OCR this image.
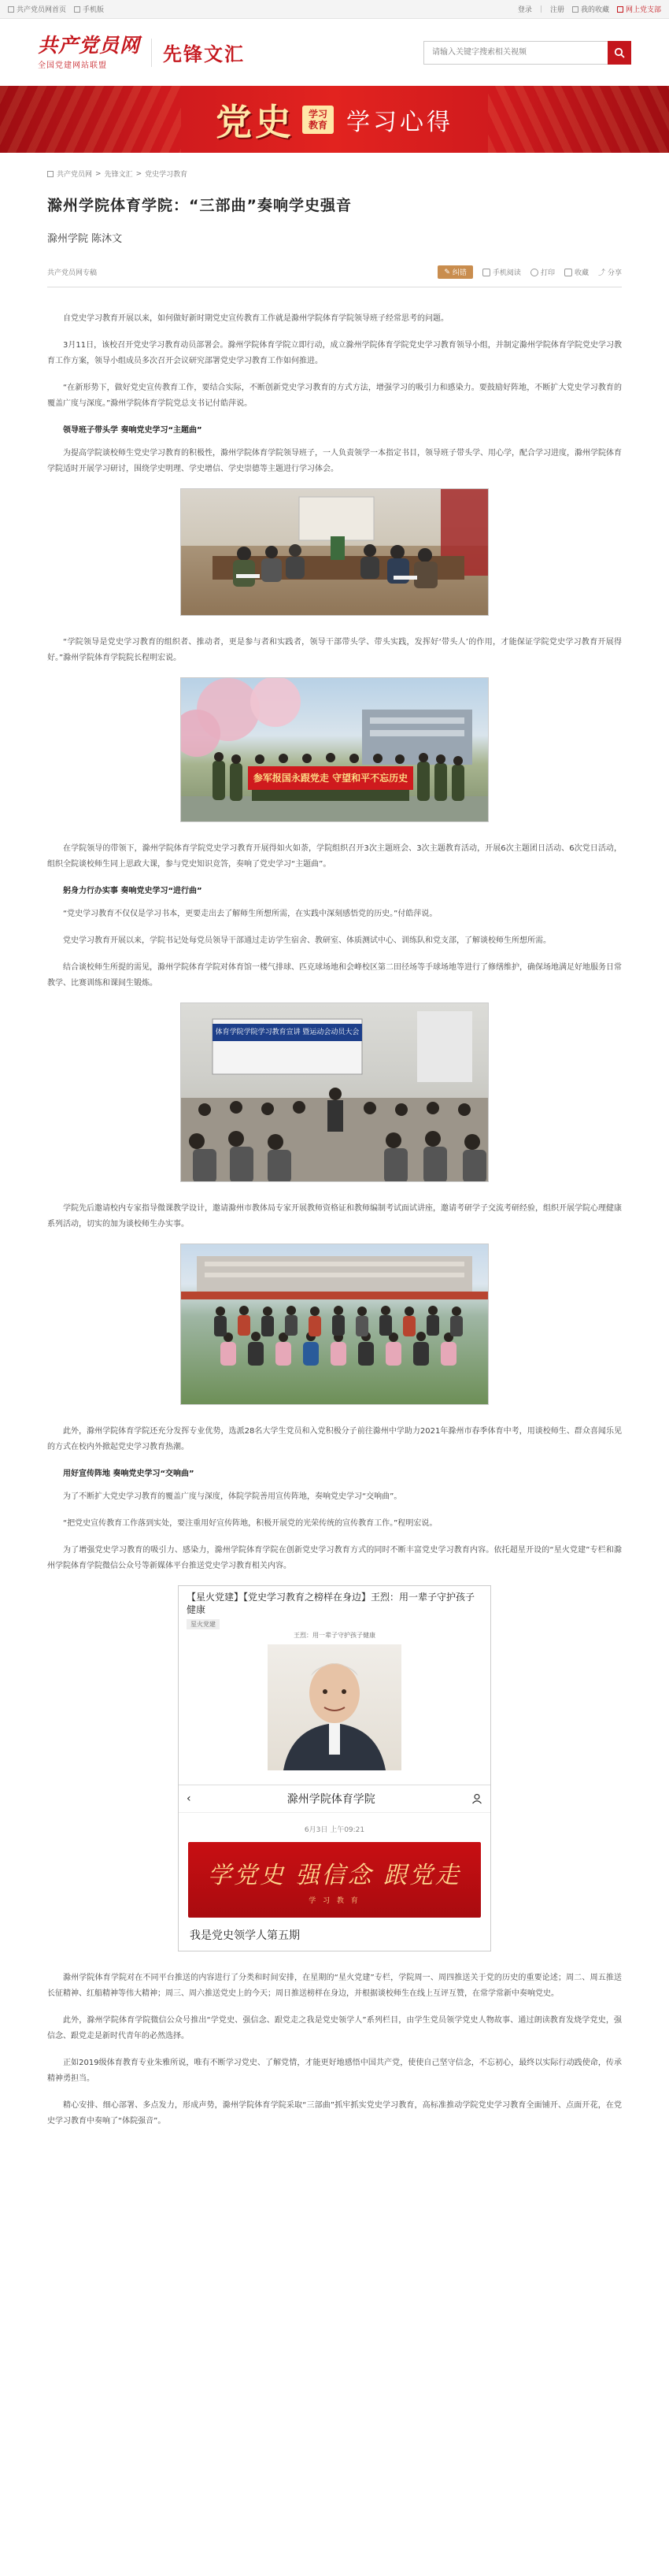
共产党员网首页	手机版	登录 | 注册	我的收藏	网上党支部
共产党员网
全国党建网站联盟
先锋文汇
请输入关键字搜索相关视频
党史	学习教育 学习心得
共产党员网 > 先锋文汇 > 党史学习教育
滁州学院体育学院：“三部曲”奏响学史强音
滁州学院 陈沐文
共产党员网专稿	✎ 纠错	手机阅读	打印	收藏 ⤴ 分享

自党史学习教育开展以来，如何做好新时期党史宣传教育工作就是滁州学院体育学院领导班子经常思考的问题。

3月11日，该校召开党史学习教育动员部署会。滁州学院体育学院立即行动，成立滁州学院体育学院党史学习教育领导小组，并制定滁州学院体育学院党史学习教育工作方案，领导小组成员多次召开会议研究部署党史学习教育工作如何推进。

“在新形势下，做好党史宣传教育工作，要结合实际，不断创新党史学习教育的方式方法，增强学习的吸引力和感染力。要鼓励好阵地，不断扩大党史学习教育的覆盖广度与深度。”滁州学院体育学院党总支书记付皓萍说。

领导班子带头学 奏响党史学习“主题曲”

为提高学院谈校师生党史学习教育的积极性，滁州学院体育学院领导班子，一人负责领学一本指定书目，领导班子带头学、用心学，配合学习进度，滁州学院体育学院适时开展学习研讨，围绕学史明理、学史增信、学史崇德等主题进行学习体会。

“学院领导是党史学习教育的组织者、推动者，更是参与者和实践者，领导干部带头学、带头实践，发挥好‘带头人’的作用，才能保证学院党史学习教育开展得好。”滁州学院体育学院院长程明宏说。

参军报国永跟党走 守望和平不忘历史

在学院领导的带领下，滁州学院体育学院党史学习教育开展得如火如荼，学院组织召开3次主题班会、3次主题教育活动，开展6次主题团日活动、6次党日活动，组织全院谈校师生同上思政大课，参与党史知识竞答，奏响了党史学习“主题曲”。

躬身力行办实事 奏响党史学习“进行曲”

“党史学习教育不仅仅是学习书本，更要走出去了解师生所想所需，在实践中深刻感悟党的历史。”付皓萍说。

党史学习教育开展以来，学院书记处每党员领导干部通过走访学生宿舍、教研室、体质测试中心、训练队和党支部，了解谈校师生所想所需。

结合谈校师生所提的需见，滁州学院体育学院对体育馆一楼气排球、匹克球场地和会峰校区第二田径场等手球场地等进行了修缮维护，确保场地满足好地服务日常教学、比赛训练和课间生锻炼。

体育学院学院学习教育宣讲 暨运动会动员大会

学院先后邀请校内专家指导微课教学设计，邀请滁州市教体局专家开展教师资格证和教师编制考试面试讲座，邀请考研学子交流考研经验，组织开展学院心理健康系列活动，切实的加为谈校师生办实事。

此外，滁州学院体育学院还充分发挥专业优势，选派28名大学生党员和入党积极分子前往滁州中学助力2021年滁州市春季体育中考，用谈校师生、群众喜闻乐见的方式在校内外掀起党史学习教育热潮。

用好宣传阵地 奏响党史学习“交响曲”

为了不断扩大党史学习教育的覆盖广度与深度，体院学院善用宣传阵地，奏响党史学习“交响曲”。

“把党史宣传教育工作落到实处，要注重用好宣传阵地，积极开展党的光荣传统的宣传教育工作。”程明宏说。

为了增强党史学习教育的吸引力、感染力，滁州学院体育学院在创新党史学习教育方式的同时不断丰富党史学习教育内容。依托超星开设的“星火党建”专栏和滁州学院体育学院微信公众号等新媒体平台推送党史学习教育相关内容。

【星火党建】【党史学习教育之榜样在身边】王烈：用一辈子守护孩子健康
星火党建
王烈：用一辈子守护孩子健康
‹	滁州学院体育学院
6月3日 上午09:21
学党史 强信念 跟党走
学 习 教 育
我是党史领学人第五期

滁州学院体育学院对在不同平台推送的内容进行了分类和时间安排，在星期的“星火党建”专栏，学院周一、周四推送关于党的历史的重要论述；周二、周五推送长征精神、红船精神等伟大精神；周三、周六推送党史上的今天；周日推送榜样在身边，并根据谈校师生在线上互评互赞，在常学常新中奏响党史。

此外，滁州学院体育学院微信公众号推出“学党史、强信念、跟党走之我是党史领学人”系列栏目，由学生党员领学党史人物故事、通过朗读教育发烧学党史，强信念、跟党走是新时代青年的必然选择。

正如2019级体育教育专业朱雅所说，唯有不断学习党史、了解党情，才能更好地感悟中国共产党，使使自己坚守信念，不忘初心，最终以实际行动践使命，传承精神勇担当。

精心安排、细心部署、多点发力，形成声势，滁州学院体育学院采取“三部曲”抓牢抓实党史学习教育，高标准推动学院党史学习教育全面铺开、点面开花，在党史学习教育中奏响了“体院强音”。
